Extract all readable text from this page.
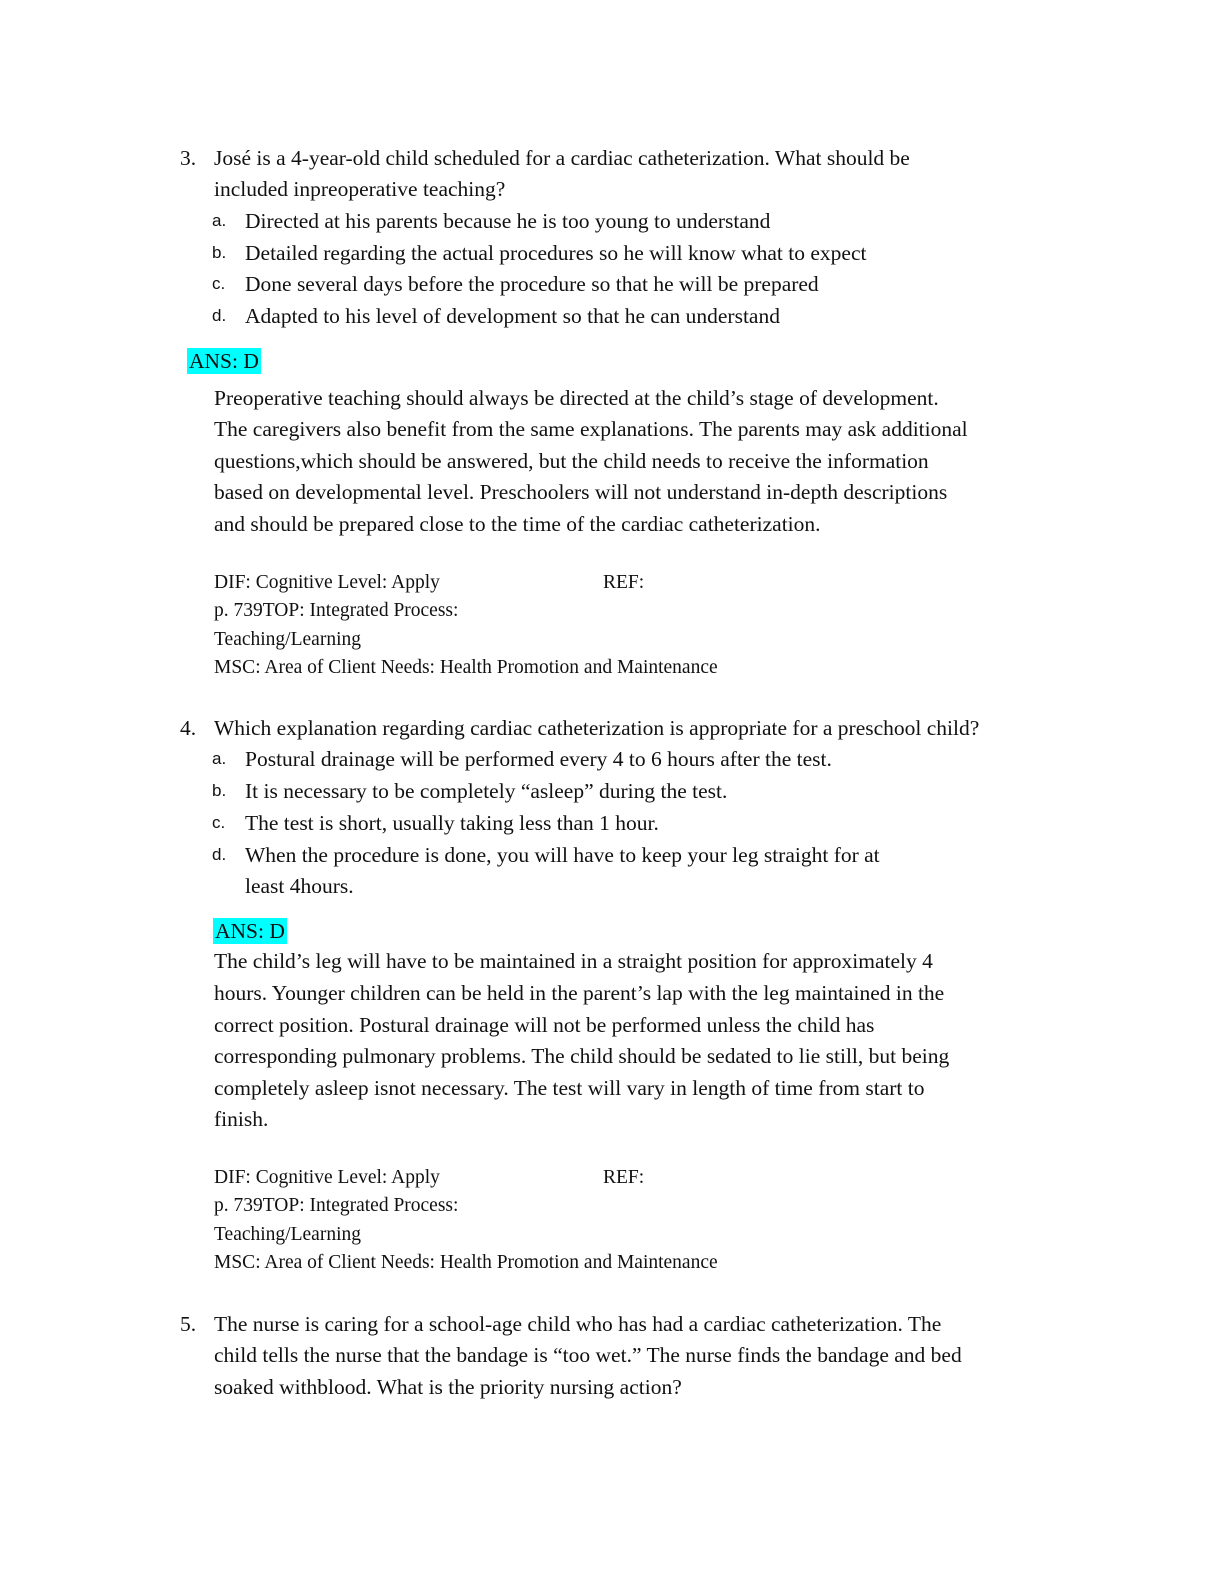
3. José is a 4-year-old child scheduled for a cardiac catheterization. What should be
included inpreoperative teaching?
a. Directed at his parents because he is too young to understand
b. Detailed regarding the actual procedures so he will know what to expect
c. Done several days before the procedure so that he will be prepared
d. Adapted to his level of development so that he can understand
ANS: D
Preoperative teaching should always be directed at the child’s stage of development.
The caregivers also benefit from the same explanations. The parents may ask additional
questions,which should be answered, but the child needs to receive the information
based on developmental level. Preschoolers will not understand in-depth descriptions
and should be prepared close to the time of the cardiac catheterization.
DIF: Cognitive Level: Apply	REF:
p. 739TOP: Integrated Process:
Teaching/Learning
MSC: Area of Client Needs: Health Promotion and Maintenance
4. Which explanation regarding cardiac catheterization is appropriate for a preschool child?
a. Postural drainage will be performed every 4 to 6 hours after the test.
b. It is necessary to be completely “asleep” during the test.
c. The test is short, usually taking less than 1 hour.
d. When the procedure is done, you will have to keep your leg straight for at
least 4hours.
ANS: D
The child’s leg will have to be maintained in a straight position for approximately 4
hours. Younger children can be held in the parent’s lap with the leg maintained in the
correct position. Postural drainage will not be performed unless the child has
corresponding pulmonary problems. The child should be sedated to lie still, but being
completely asleep isnot necessary. The test will vary in length of time from start to
finish.
DIF: Cognitive Level: Apply	REF:
p. 739TOP: Integrated Process:
Teaching/Learning
MSC: Area of Client Needs: Health Promotion and Maintenance
5. The nurse is caring for a school-age child who has had a cardiac catheterization. The
child tells the nurse that the bandage is “too wet.” The nurse finds the bandage and bed
soaked withblood. What is the priority nursing action?
